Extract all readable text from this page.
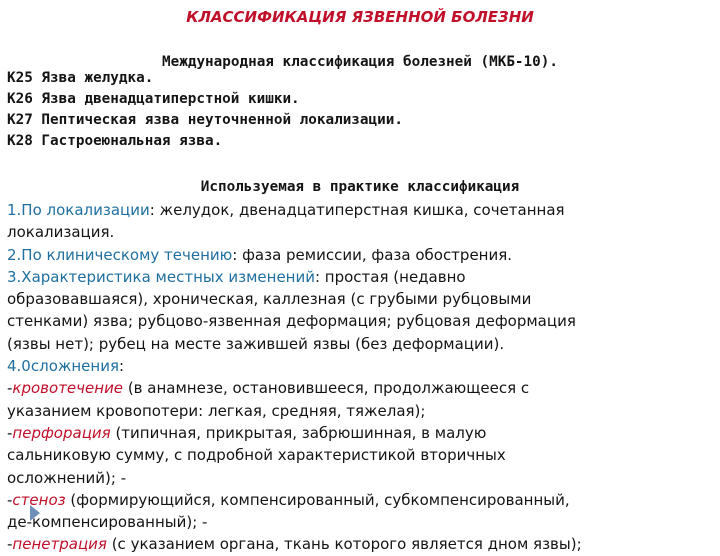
КЛАССИФИКАЦИЯ ЯЗВЕННОЙ БОЛЕЗНИ
Международная классификация болезней (МКБ-10).
К25 Язва желудка.
К26 Язва двенадцатиперстной кишки.
К27 Пептическая язва неуточненной локализации.
К28 Гастроеюнальная язва.
Используемая в практике классификация
1.По локализации: желудок, двенадцатиперстная кишка, сочетанная
локализация.
2.По клиническому течению: фаза ремиссии, фаза обострения.
3.Характеристика местных изменений: простая (недавно
образовавшаяся), хроническая, каллезная (с грубыми рубцовыми
стенками) язва; рубцово-язвенная деформация; рубцовая деформация
(язвы нет); рубец на месте зажившей язвы (без деформации).
4.0сложнения:
-кровотечение (в анамнезе, остановившееся, продолжающееся с
указанием кровопотери: легкая, средняя, тяжелая);
-перфорация (типичная, прикрытая, забрюшинная, в малую
сальниковую сумму, с подробной характеристикой вторичных
осложнений); -
-стеноз (формирующийся, компенсированный, субкомпенсированный,
де-компенсированный); -
-пенетрация (с указанием органа, ткань которого является дном язвы);
